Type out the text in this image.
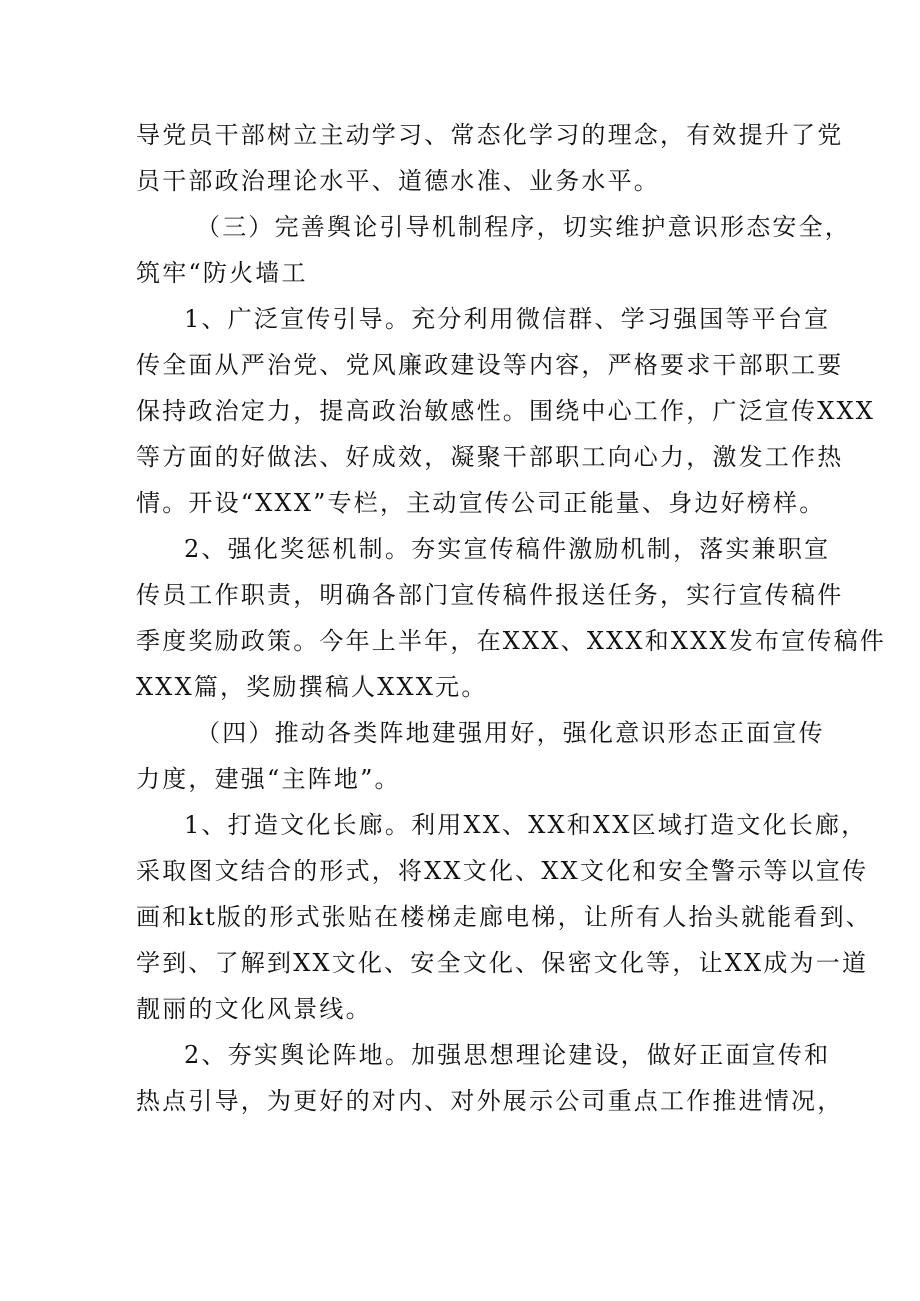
导党员干部树立主动学习、常态化学习的理念，有效提升了党
员干部政治理论水平、道德水准、业务水平。
（三）完善舆论引导机制程序，切实维护意识形态安全，
筑牢“防火墙工
1、广泛宣传引导。充分利用微信群、学习强国等平台宣
传全面从严治党、党风廉政建设等内容，严格要求干部职工要
保持政治定力，提高政治敏感性。围绕中心工作，广泛宣传XXX
等方面的好做法、好成效，凝聚干部职工向心力，激发工作热
情。开设“XXX”专栏，主动宣传公司正能量、身边好榜样。
2、强化奖惩机制。夯实宣传稿件激励机制，落实兼职宣
传员工作职责，明确各部门宣传稿件报送任务，实行宣传稿件
季度奖励政策。今年上半年，在XXX、XXX和XXX发布宣传稿件
XXX篇，奖励撰稿人XXX元。
（四）推动各类阵地建强用好，强化意识形态正面宣传
力度，建强“主阵地”。
1、打造文化长廊。利用XX、XX和XX区域打造文化长廊，
采取图文结合的形式，将XX文化、XX文化和安全警示等以宣传
画和kt版的形式张贴在楼梯走廊电梯，让所有人抬头就能看到、
学到、了解到XX文化、安全文化、保密文化等，让XX成为一道
靓丽的文化风景线。
2、夯实舆论阵地。加强思想理论建设，做好正面宣传和
热点引导，为更好的对内、对外展示公司重点工作推进情况，
